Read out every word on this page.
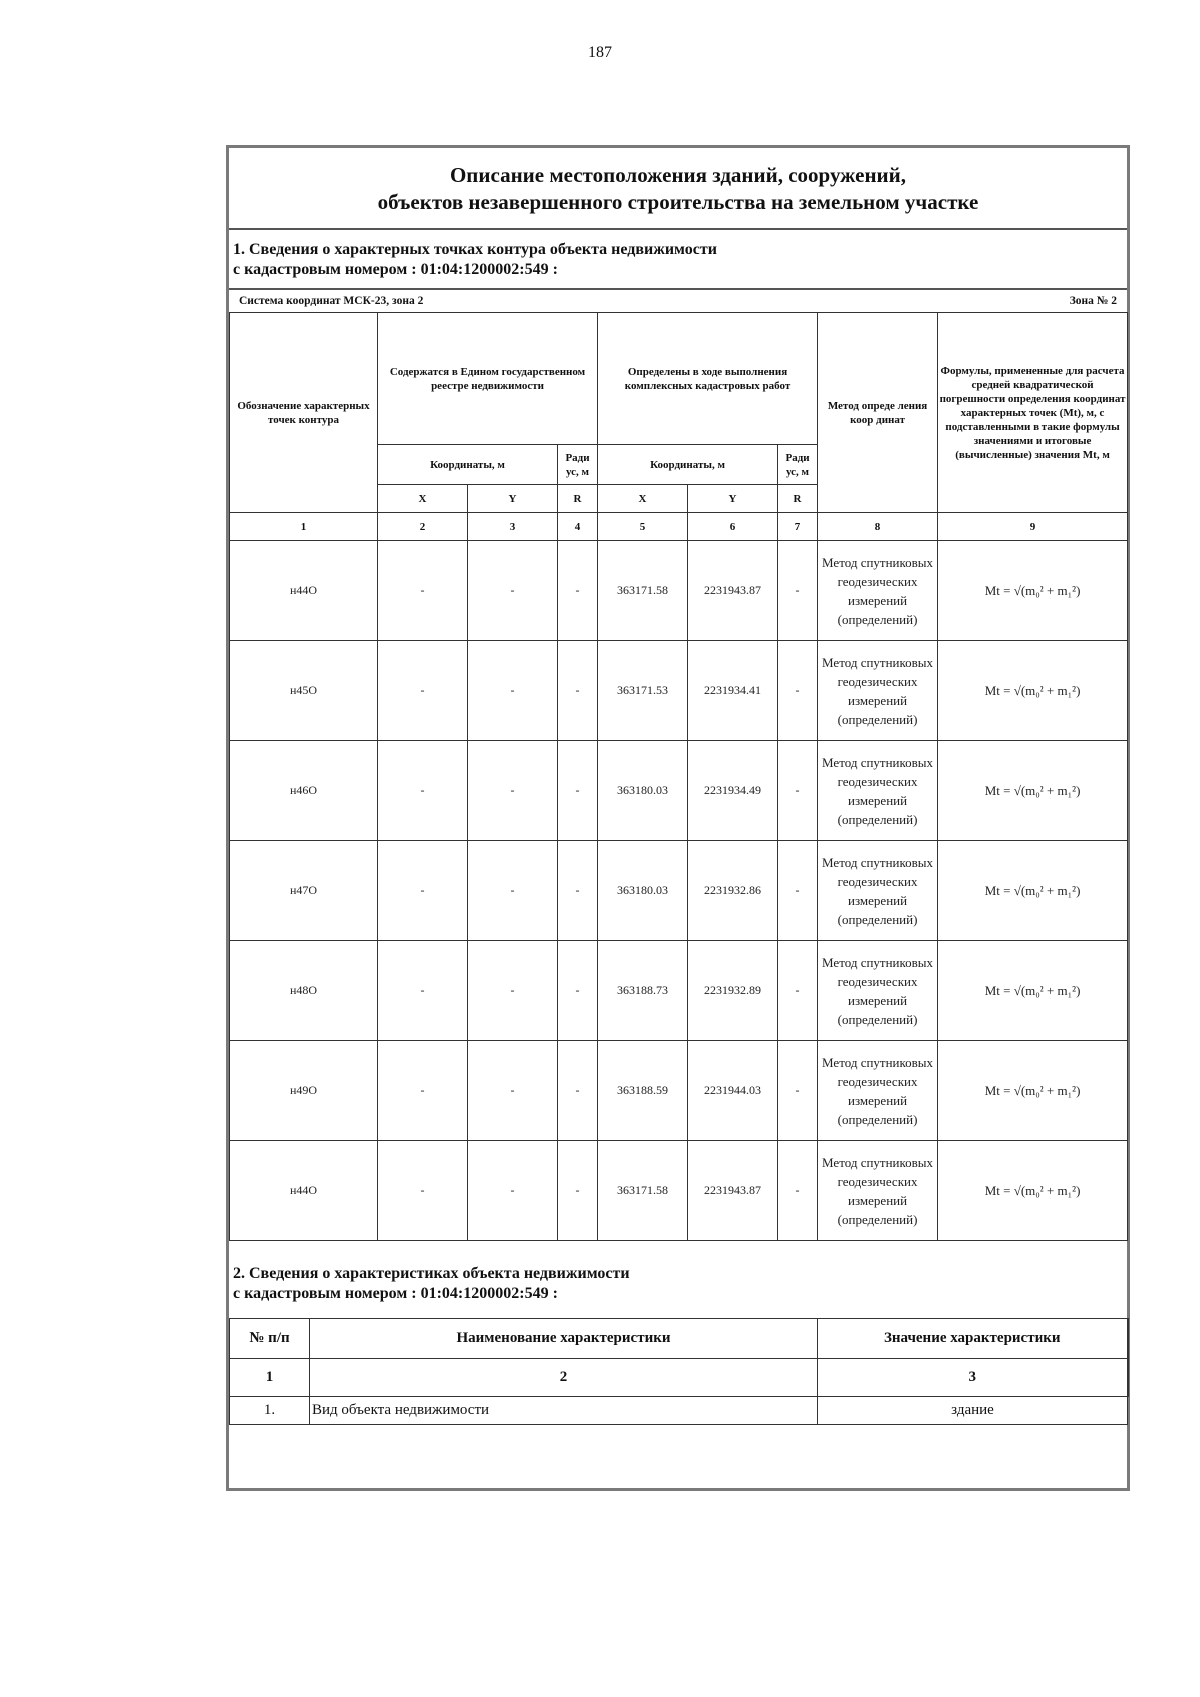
187
Описание местоположения зданий, сооружений,
объектов незавершенного строительства на земельном участке
1. Сведения о характерных точках контура объекта недвижимости
с кадастровым номером : 01:04:1200002:549 :
Система координат МСК-23, зона 2	Зона № 2
Обозначение характерных точек контура	Содержатся в Едином государственном реестре недвижимости			Определены в ходе выполнения комплексных кадастровых работ			Метод опреде ления коор динат	Формулы, примененные для расчета средней квадратической погрешности определения координат характерных точек (Mt), м, с подставленными в такие формулы значениями и итоговые (вычисленные) значения Mt, м
	Координаты, м		Ради ус, м	Координаты, м		Ради ус, м		
	X	Y	R	X	Y	R		
1	2	3	4	5	6	7	8	9
н44О	-	-	-	363171.58	2231943.87	-	Метод спутниковых геодезических измерений (определений)	Mt = √(m₀² + m₁²)
н45О	-	-	-	363171.53	2231934.41	-	Метод спутниковых геодезических измерений (определений)	Mt = √(m₀² + m₁²)
н46О	-	-	-	363180.03	2231934.49	-	Метод спутниковых геодезических измерений (определений)	Mt = √(m₀² + m₁²)
н47О	-	-	-	363180.03	2231932.86	-	Метод спутниковых геодезических измерений (определений)	Mt = √(m₀² + m₁²)
н48О	-	-	-	363188.73	2231932.89	-	Метод спутниковых геодезических измерений (определений)	Mt = √(m₀² + m₁²)
н49О	-	-	-	363188.59	2231944.03	-	Метод спутниковых геодезических измерений (определений)	Mt = √(m₀² + m₁²)
н44О	-	-	-	363171.58	2231943.87	-	Метод спутниковых геодезических измерений (определений)	Mt = √(m₀² + m₁²)
2. Сведения о характеристиках объекта недвижимости
с кадастровым номером : 01:04:1200002:549 :
№ п/п	Наименование характеристики	Значение характеристики
1	2	3
1.	Вид объекта недвижимости	здание
